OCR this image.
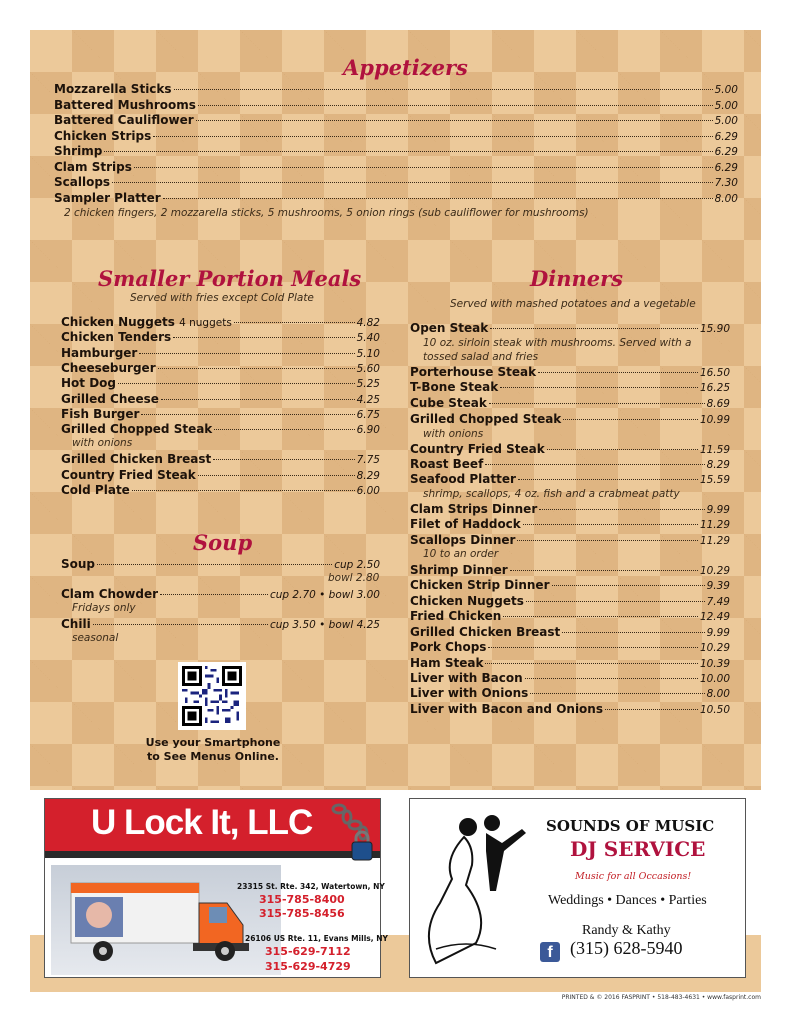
Appetizers
Mozzarella Sticks	5.00
Battered Mushrooms	5.00
Battered Cauliflower	5.00
Chicken Strips	6.29
Shrimp	6.29
Clam Strips	6.29
Scallops	7.30
Sampler Platter	8.00
2 chicken fingers, 2 mozzarella sticks, 5 mushrooms, 5 onion rings (sub cauliflower for mushrooms)
Smaller Portion Meals
Served with fries except Cold Plate
Chicken Nuggets 4 nuggets	4.82
Chicken Tenders	5.40
Hamburger	5.10
Cheeseburger	5.60
Hot Dog	5.25
Grilled Cheese	4.25
Fish Burger	6.75
Grilled Chopped Steak	6.90
with onions
Grilled Chicken Breast	7.75
Country Fried Steak	8.29
Cold Plate	6.00
Soup
Soup	cup 2.50
bowl 2.80
Clam Chowder	cup 2.70 • bowl 3.00
Fridays only
Chili	cup 3.50 • bowl 4.25
seasonal
Use your Smartphone
to See Menus Online.
Dinners
Served with mashed potatoes and a vegetable
Open Steak	15.90
10 oz. sirloin steak with mushrooms. Served with a
tossed salad and fries
Porterhouse Steak	16.50
T-Bone Steak	16.25
Cube Steak	8.69
Grilled Chopped Steak	10.99
with onions
Country Fried Steak	11.59
Roast Beef	8.29
Seafood Platter	15.59
shrimp, scallops, 4 oz. fish and a crabmeat patty
Clam Strips Dinner	9.99
Filet of Haddock	11.29
Scallops Dinner	11.29
10 to an order
Shrimp Dinner	10.29
Chicken Strip Dinner	9.39
Chicken Nuggets	7.49
Fried Chicken	12.49
Grilled Chicken Breast	9.99
Pork Chops	10.29
Ham Steak	10.39
Liver with Bacon	10.00
Liver with Onions	8.00
Liver with Bacon and Onions	10.50
U Lock It, LLC
U-HAUL	23315 St. Rte. 342, Watertown, NY
315-785-8400
315-785-8456
26106 US Rte. 11, Evans Mills, NY
315-629-7112
315-629-4729
SOUNDS OF MUSIC
DJ SERVICE
Music for all Occasions!
Weddings • Dances • Parties
Randy & Kathy
f (315) 628-5940
PRINTED & © 2016 FASPRINT • 518-483-4631 • www.fasprint.com
